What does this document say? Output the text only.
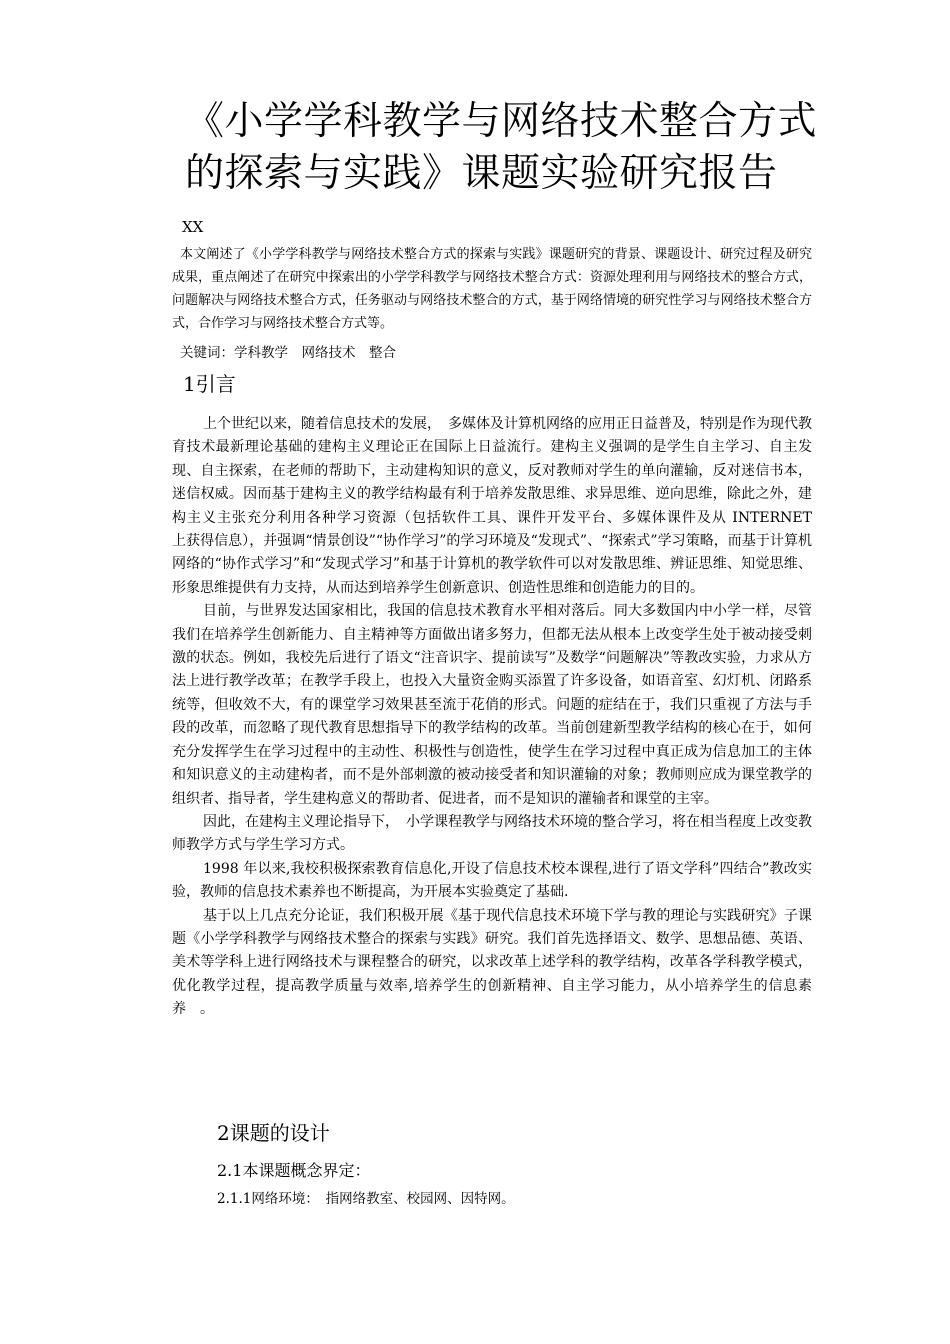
《小学学科教学与网络技术整合方式的探索与实践》课题实验研究报告

XX

本文阐述了《小学学科教学与网络技术整合方式的探索与实践》课题研究的背景、课题设计、研究过程及研究成果，重点阐述了在研究中探索出的小学学科教学与网络技术整合方式：资源处理利用与网络技术的整合方式，问题解决与网络技术整合方式，任务驱动与网络技术整合的方式，基于网络情境的研究性学习与网络技术整合方式，合作学习与网络技术整合方式等。

关键词：学科教学　网络技术　整合

1引言

上个世纪以来，随着信息技术的发展，　多媒体及计算机网络的应用正日益普及，特别是作为现代教育技术最新理论基础的建构主义理论正在国际上日益流行。建构主义强调的是学生自主学习、自主发现、自主探索，在老师的帮助下，主动建构知识的意义，反对教师对学生的单向灌输，反对迷信书本，迷信权威。因而基于建构主义的教学结构最有利于培养发散思维、求异思维、逆向思维，除此之外，建构主义主张充分利用各种学习资源（包括软件工具、课件开发平台、多媒体课件及从 INTERNET　　上获得信息），并强调“情景创设”“协作学习”的学习环境及“发现式”、“探索式”学习策略，而基于计算机网络的“协作式学习”和“发现式学习”和基于计算机的教学软件可以对发散思维、辨证思维、知觉思维、形象思维提供有力支持，从而达到培养学生创新意识、创造性思维和创造能力的目的。

目前，与世界发达国家相比，我国的信息技术教育水平相对落后。同大多数国内中小学一样，尽管我们在培养学生创新能力、自主精神等方面做出诸多努力，但都无法从根本上改变学生处于被动接受刺激的状态。例如，我校先后进行了语文“注音识字、提前读写”及数学“问题解决”等教改实验，力求从方法上进行教学改革；在教学手段上，也投入大量资金购买添置了许多设备，如语音室、幻灯机、闭路系统等，但收效不大，有的课堂学习效果甚至流于花俏的形式。问题的症结在于，我们只重视了方法与手段的改革，而忽略了现代教育思想指导下的教学结构的改革。当前创建新型教学结构的核心在于，如何充分发挥学生在学习过程中的主动性、积极性与创造性，使学生在学习过程中真正成为信息加工的主体和知识意义的主动建构者，而不是外部刺激的被动接受者和知识灌输的对象；教师则应成为课堂教学的组织者、指导者，学生建构意义的帮助者、促进者，而不是知识的灌输者和课堂的主宰。

因此，在建构主义理论指导下，　小学课程教学与网络技术环境的整合学习，将在相当程度上改变教师教学方式与学生学习方式。

1998 年以来,我校积极探索教育信息化,开设了信息技术校本课程,进行了语文学科”四结合”教改实验，教师的信息技术素养也不断提高，为开展本实验奠定了基础.

基于以上几点充分论证，我们积极开展《基于现代信息技术环境下学与教的理论与实践研究》子课题《小学学科教学与网络技术整合的探索与实践》研究。我们首先选择语文、数学、思想品德、英语、美术等学科上进行网络技术与课程整合的研究，以求改革上述学科的教学结构，改革各学科教学模式，优化教学过程，提高教学质量与效率,培养学生的创新精神、自主学习能力，从小培养学生的信息素养　。

2课题的设计
2.1本课题概念界定：

2.1.1网络环境：　指网络教室、校园网、因特网。
